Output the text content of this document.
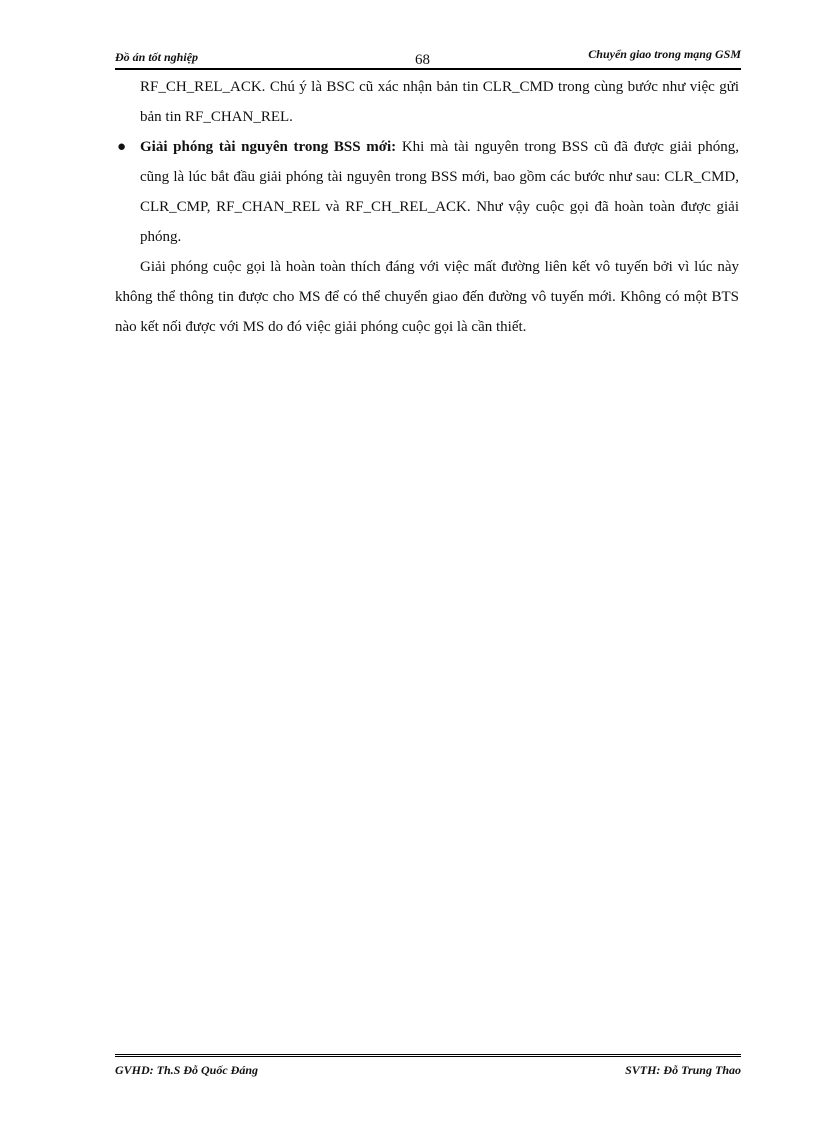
Đồ án tốt nghiệp	68	Chuyển giao trong mạng GSM

RF_CH_REL_ACK. Chú ý là BSC cũ xác nhận bản tin CLR_CMD trong cùng bước như việc gửi bản tin RF_CHAN_REL.

● Giải phóng tài nguyên trong BSS mới: Khi mà tài nguyên trong BSS cũ đã được giải phóng, cũng là lúc bắt đầu giải phóng tài nguyên trong BSS mới, bao gồm các bước như sau: CLR_CMD, CLR_CMP, RF_CHAN_REL và RF_CH_REL_ACK. Như vậy cuộc gọi đã hoàn toàn được giải phóng.

Giải phóng cuộc gọi là hoàn toàn thích đáng với việc mất đường liên kết vô tuyến bởi vì lúc này không thể thông tin được cho MS để có thể chuyển giao đến đường vô tuyến mới. Không có một BTS nào kết nối được với MS do đó việc giải phóng cuộc gọi là cần thiết.

GVHD: Th.S Đỗ Quốc Đáng	SVTH: Đỗ Trung Thao
